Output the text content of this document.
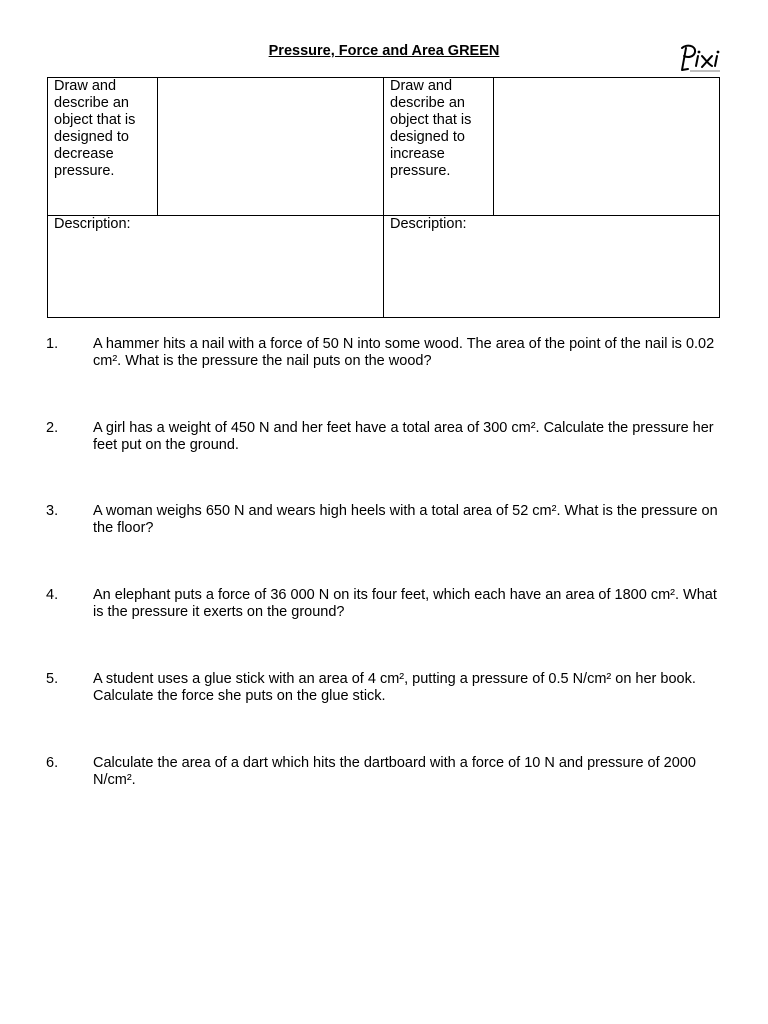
Pressure, Force and Area GREEN
Draw and describe an object that is designed to decrease pressure.
Draw and describe an object that is designed to increase pressure.
Description:	Description:
1. A hammer hits a nail with a force of 50 N into some wood. The area of the point of the nail is 0.02 cm². What is the pressure the nail puts on the wood?
2. A girl has a weight of 450 N and her feet have a total area of 300 cm². Calculate the pressure her feet put on the ground.
3. A woman weighs 650 N and wears high heels with a total area of 52 cm². What is the pressure on the floor?
4. An elephant puts a force of 36 000 N on its four feet, which each have an area of 1800 cm². What is the pressure it exerts on the ground?
5. A student uses a glue stick with an area of 4 cm², putting a pressure of 0.5 N/cm² on her book. Calculate the force she puts on the glue stick.
6. Calculate the area of a dart which hits the dartboard with a force of 10 N and pressure of 2000 N/cm².
